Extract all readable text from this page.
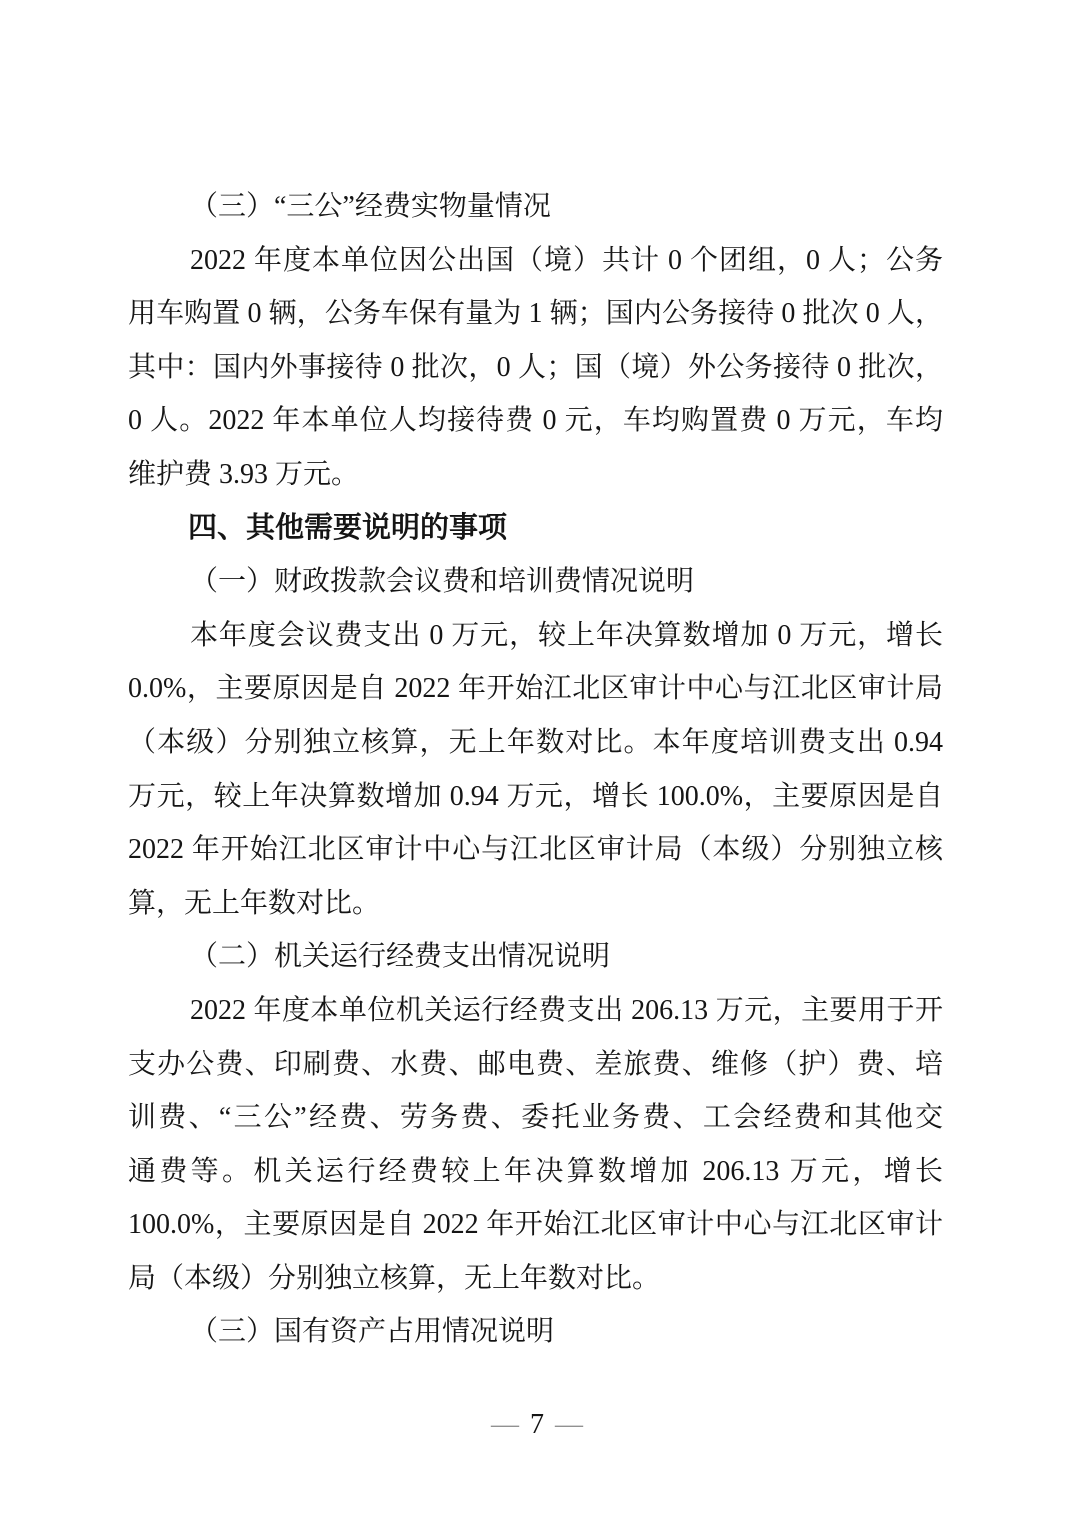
（三）“三公”经费实物量情况
2022 年度本单位因公出国（境）共计 0 个团组，0 人；公务
用车购置 0 辆，公务车保有量为 1 辆；国内公务接待 0 批次 0 人，
其中：国内外事接待 0 批次，0 人；国（境）外公务接待 0 批次，
0 人。2022 年本单位人均接待费 0 元，车均购置费 0 万元，车均
维护费 3.93 万元。
四、其他需要说明的事项
（一）财政拨款会议费和培训费情况说明
本年度会议费支出 0 万元，较上年决算数增加 0 万元，增长
0.0%，主要原因是自 2022 年开始江北区审计中心与江北区审计局
（本级）分别独立核算，无上年数对比。本年度培训费支出 0.94
万元，较上年决算数增加 0.94 万元，增长 100.0%，主要原因是自
2022 年开始江北区审计中心与江北区审计局（本级）分别独立核
算，无上年数对比。
（二）机关运行经费支出情况说明
2022 年度本单位机关运行经费支出 206.13 万元，主要用于开
支办公费、印刷费、水费、邮电费、差旅费、维修（护）费、培
训费、“三公”经费、劳务费、委托业务费、工会经费和其他交
通费等。机关运行经费较上年决算数增加 206.13 万元，增长
100.0%，主要原因是自 2022 年开始江北区审计中心与江北区审计
局（本级）分别独立核算，无上年数对比。
（三）国有资产占用情况说明
— 7 —
